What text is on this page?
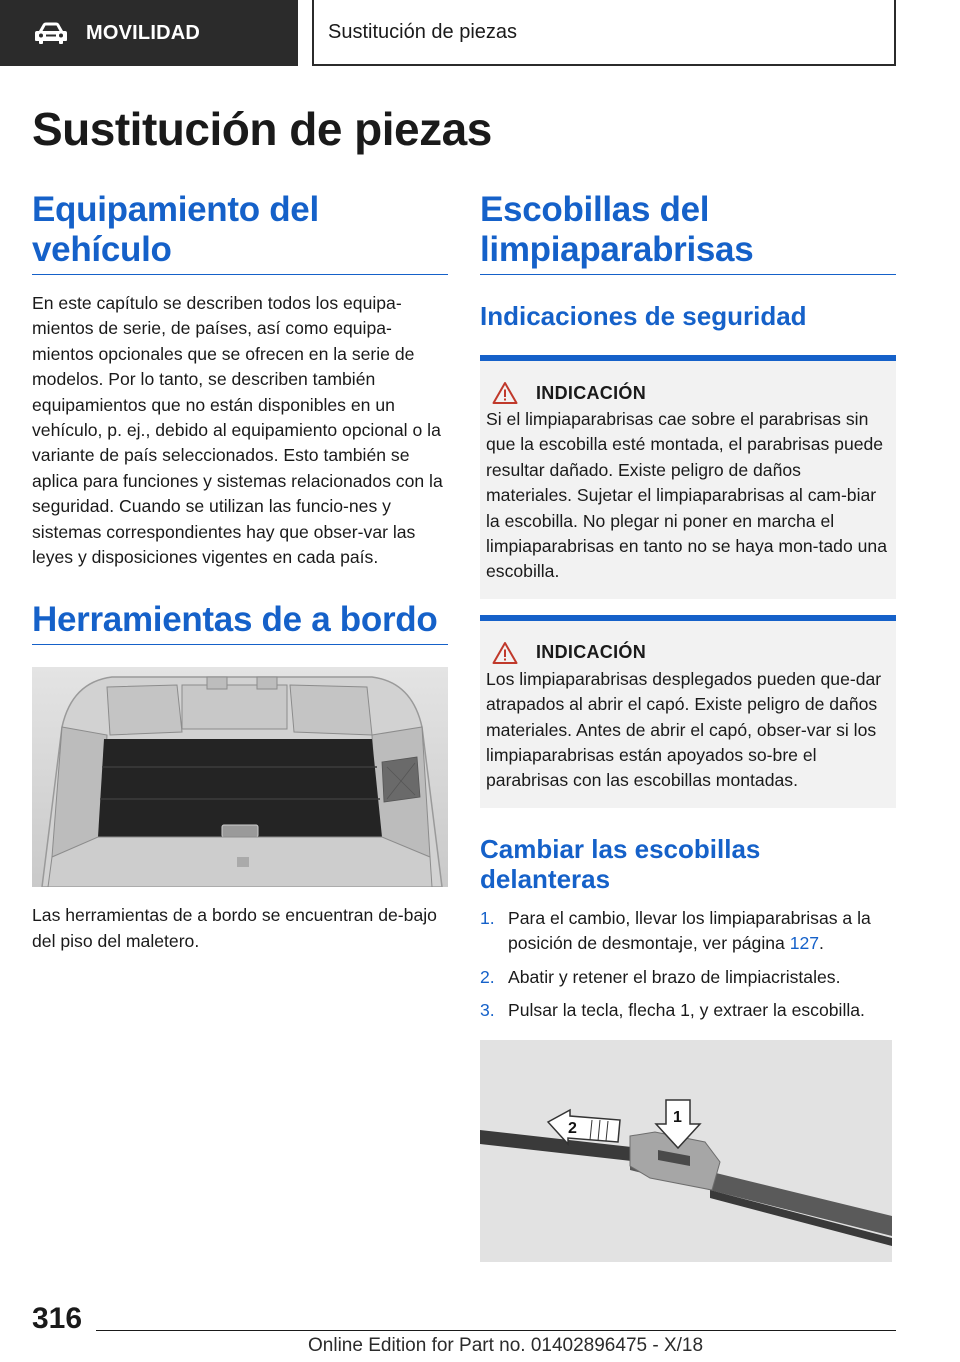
MOVILIDAD	Sustitución de piezas
Sustitución de piezas
Equipamiento del vehículo

En este capítulo se describen todos los equipa-mientos de serie, de países, así como equipa-mientos opcionales que se ofrecen en la serie de modelos. Por lo tanto, se describen también equipamientos que no están disponibles en un vehículo, p. ej., debido al equipamiento opcional o la variante de país seleccionados. Esto también se aplica para funciones y sistemas relacionados con la seguridad. Cuando se utilizan las funcio-nes y sistemas correspondientes hay que obser-var las leyes y disposiciones vigentes en cada país.

Herramientas de a bordo

Las herramientas de a bordo se encuentran de-bajo del piso del maletero.

Escobillas del limpiaparabrisas
Indicaciones de seguridad
INDICACIÓN

Si el limpiaparabrisas cae sobre el parabrisas sin que la escobilla esté montada, el parabrisas puede resultar dañado. Existe peligro de daños materiales. Sujetar el limpiaparabrisas al cam-biar la escobilla. No plegar ni poner en marcha el limpiaparabrisas en tanto no se haya mon-tado una escobilla.

INDICACIÓN

Los limpiaparabrisas desplegados pueden que-dar atrapados al abrir el capó. Existe peligro de daños materiales. Antes de abrir el capó, obser-var si los limpiaparabrisas están apoyados so-bre el parabrisas con las escobillas montadas.

Cambiar las escobillas delanteras
1. Para el cambio, llevar los limpiaparabrisas a la posición de desmontaje, ver página 127.
2. Abatir y retener el brazo de limpiacristales.
3. Pulsar la tecla, flecha 1, y extraer la escobilla.
2
1
316
Online Edition for Part no. 01402896475 - X/18
